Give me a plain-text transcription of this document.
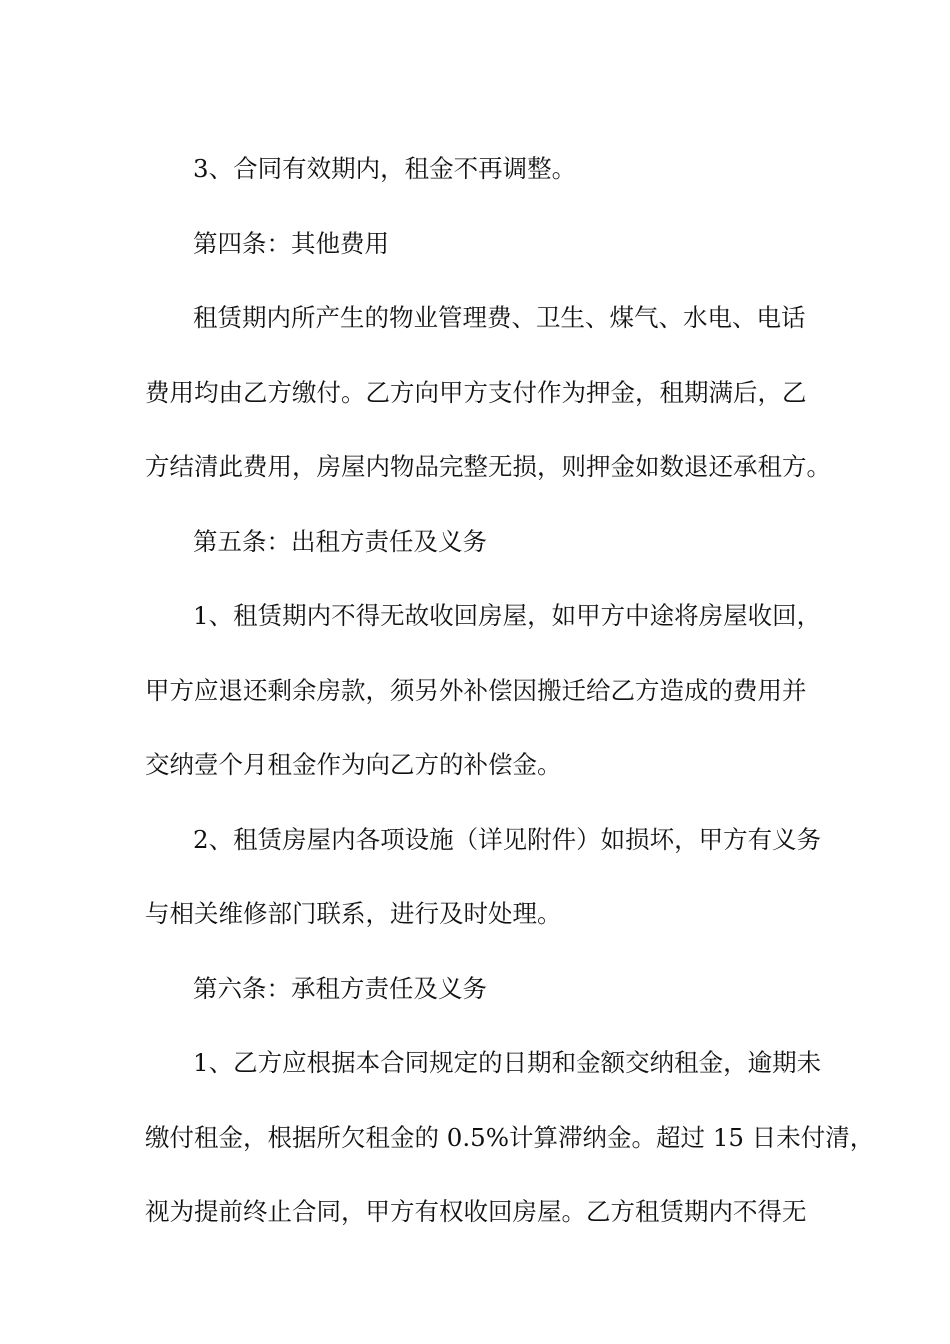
3、合同有效期内，租金不再调整。

第四条：其他费用

租赁期内所产生的物业管理费、卫生、煤气、水电、电话

费用均由乙方缴付。乙方向甲方支付作为押金，租期满后，乙

方结清此费用，房屋内物品完整无损，则押金如数退还承租方。

第五条：出租方责任及义务

1、租赁期内不得无故收回房屋，如甲方中途将房屋收回，

甲方应退还剩余房款，须另外补偿因搬迁给乙方造成的费用并

交纳壹个月租金作为向乙方的补偿金。

2、租赁房屋内各项设施（详见附件）如损坏，甲方有义务

与相关维修部门联系，进行及时处理。

第六条：承租方责任及义务

1、乙方应根据本合同规定的日期和金额交纳租金，逾期未

缴付租金，根据所欠租金的 0.5%计算滞纳金。超过 15 日未付清，

视为提前终止合同，甲方有权收回房屋。乙方租赁期内不得无
